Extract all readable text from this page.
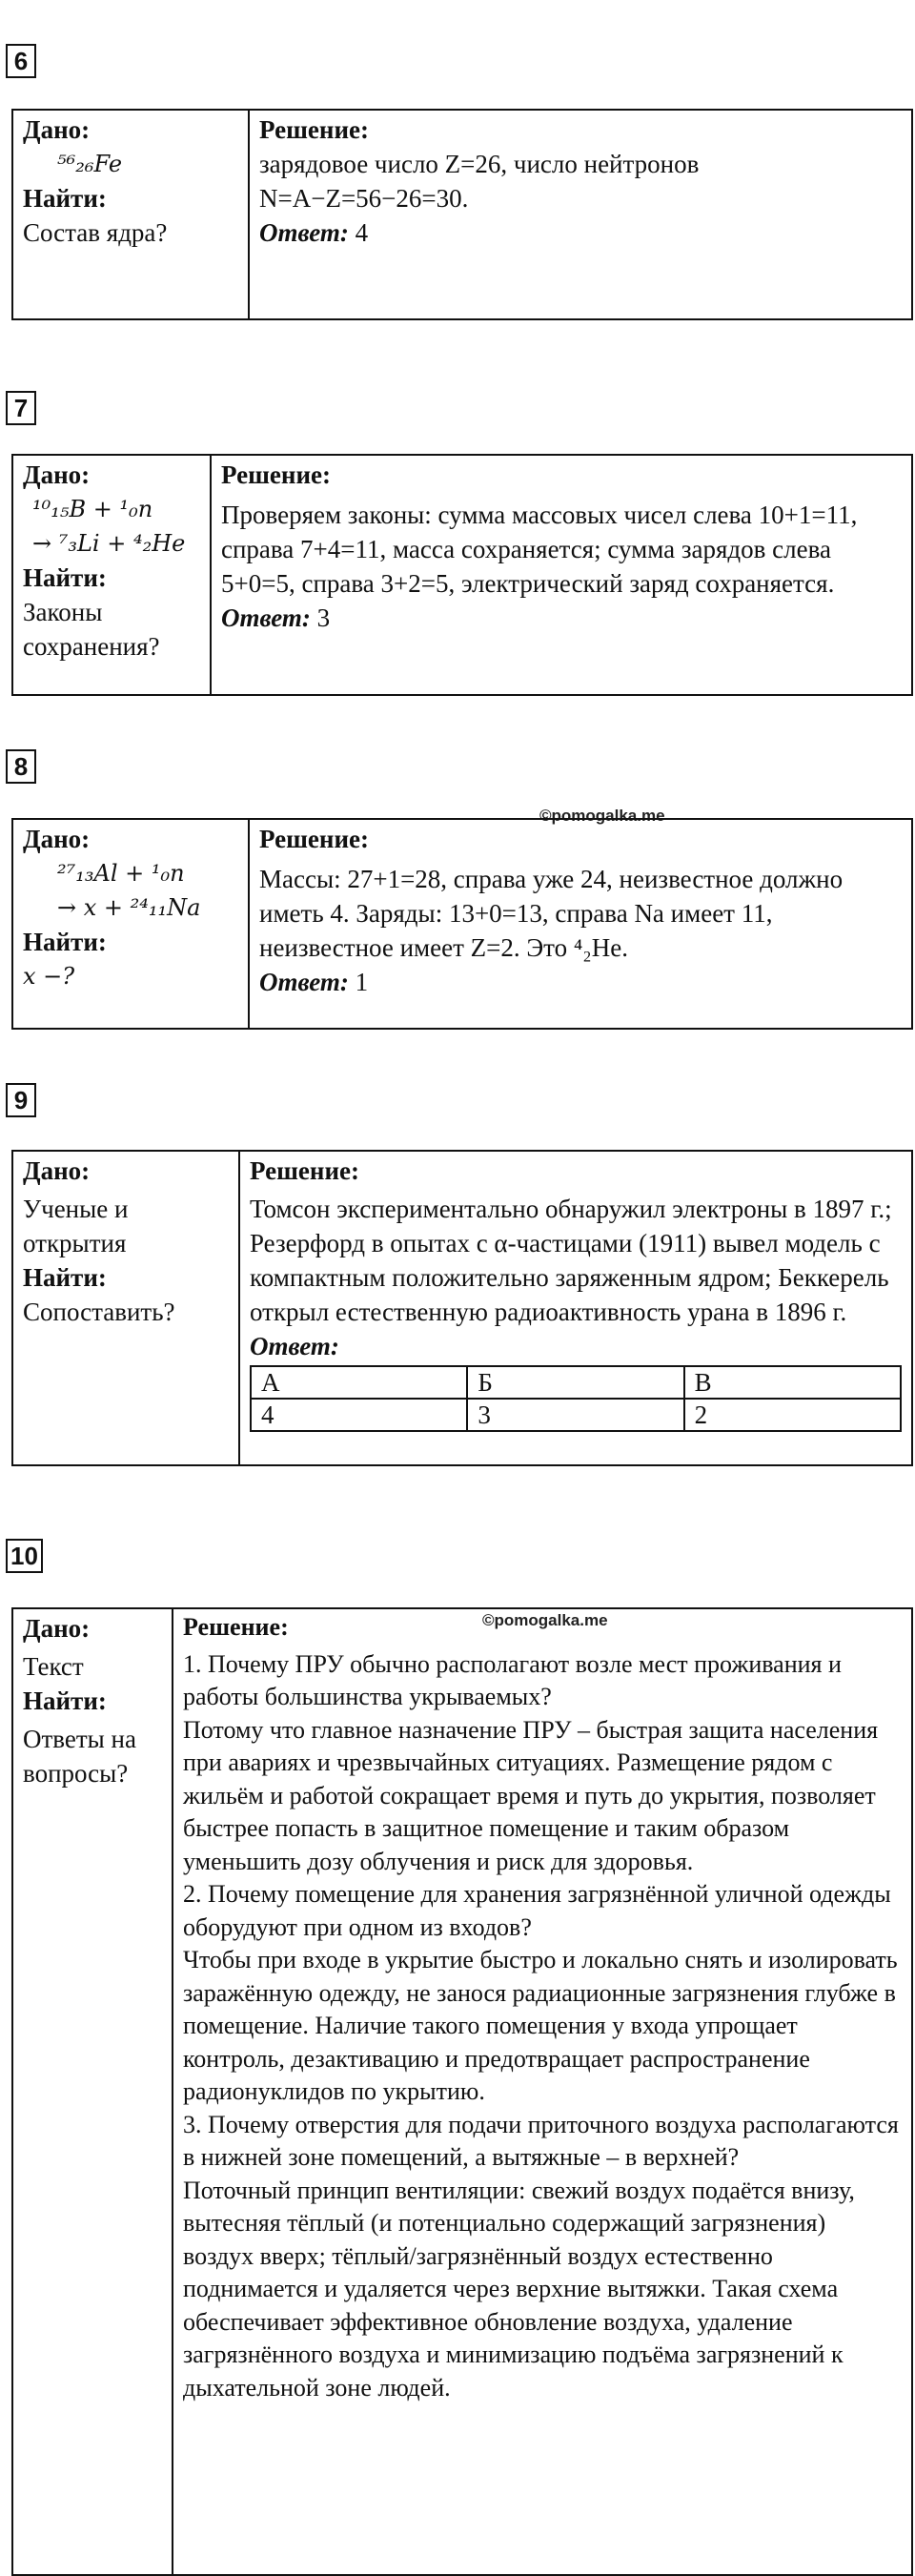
6
Дано:
⁵⁶₂₆Fe
Найти:
Состав ядра?

Решение:
зарядовое число Z=26, число нейтронов
N=A−Z=56−26=30.
Ответ: 4
7
Дано:
¹⁰₁₅B + ¹₀n
→ ⁷₃Li + ⁴₂He
Найти:
Законы сохранения?

Решение:
Проверяем законы: сумма массовых чисел слева 10+1=11, справа 7+4=11, масса сохраняется; сумма зарядов слева 5+0=5, справа 3+2=5, электрический заряд сохраняется.
Ответ: 3
8
©pomogalka.me
Дано:
²⁷₁₃Al + ¹₀n
→ x + ²⁴₁₁Na
Найти:
x −?

Решение:
Массы: 27+1=28, справа уже 24, неизвестное должно иметь 4. Заряды: 13+0=13, справа Na имеет 11, неизвестное имеет Z=2. Это ⁴₂He.
Ответ: 1
9
Дано:
Ученые и открытия
Найти:
Сопоставить?

Решение:
Томсон экспериментально обнаружил электроны в 1897 г.; Резерфорд в опытах с α-частицами (1911) вывел модель с компактным положительно заряженным ядром; Беккерель открыл естественную радиоактивность урана в 1896 г.
Ответ:
А	Б	В
4	3	2
10
©pomogalka.me
Дано:
Текст
Найти:
Ответы на вопросы?

Решение:
1. Почему ПРУ обычно располагают возле мест проживания и работы большинства укрываемых?
Потому что главное назначение ПРУ – быстрая защита населения при авариях и чрезвычайных ситуациях. Размещение рядом с жильём и работой сокращает время и путь до укрытия, позволяет быстрее попасть в защитное помещение и таким образом уменьшить дозу облучения и риск для здоровья.
2. Почему помещение для хранения загрязнённой уличной одежды оборудуют при одном из входов?
Чтобы при входе в укрытие быстро и локально снять и изолировать заражённую одежду, не занося радиационные загрязнения глубже в помещение. Наличие такого помещения у входа упрощает контроль, дезактивацию и предотвращает распространение радионуклидов по укрытию.
3. Почему отверстия для подачи приточного воздуха располагаются в нижней зоне помещений, а вытяжные – в верхней?
Поточный принцип вентиляции: свежий воздух подаётся внизу, вытесняя тёплый (и потенциально содержащий загрязнения) воздух вверх; тёплый/загрязнённый воздух естественно поднимается и удаляется через верхние вытяжки. Такая схема обеспечивает эффективное обновление воздуха, удаление загрязнённого воздуха и минимизацию подъёма загрязнений к дыхательной зоне людей.
